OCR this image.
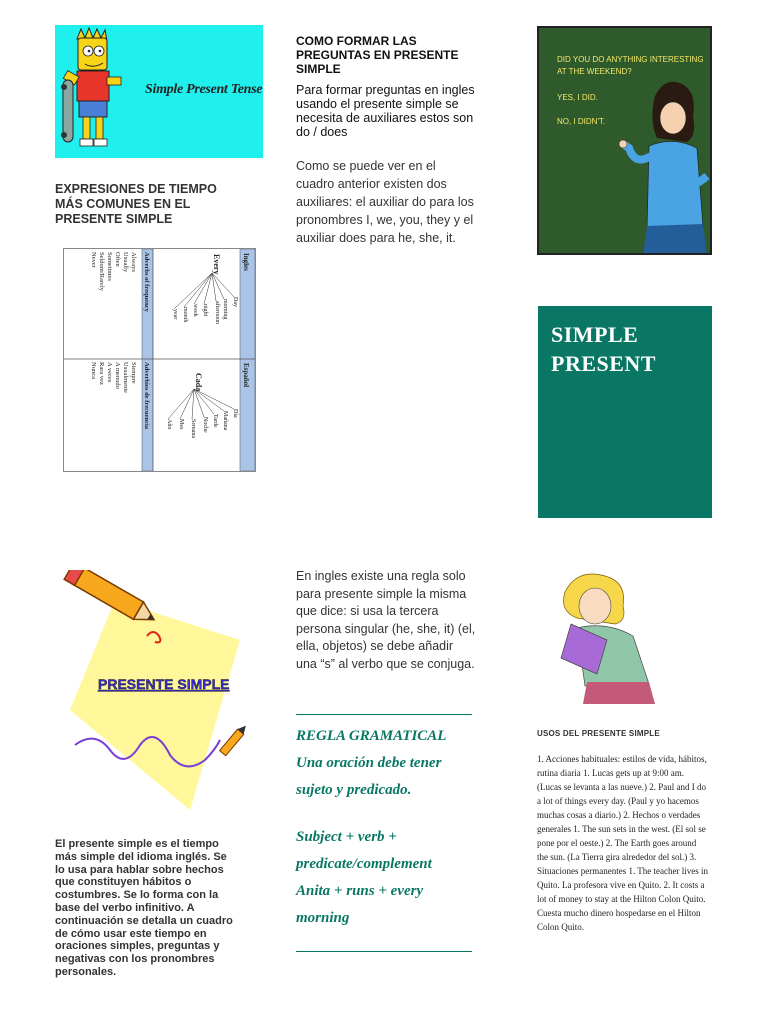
Simple Present Tense
EXPRESIONES DE TIEMPO MÁS COMUNES EN EL PRESENTE SIMPLE
Ingles
Español
Adverbs of frequency
Adverbios de frecuencia
Every
Day
morning
afternoon
night
week
month
year
Cada
Día
Mañana
Tarde
Noche
Semana
Mes
Año
Always
Usually
Often
Sometimes
Seldom/Rarely
Never
Siempre
Usualmente
A menudo
A veces
Rara vez
Nunca
COMO FORMAR LAS PREGUNTAS EN PRESENTE SIMPLE
Para formar preguntas en ingles usando el presente simple se necesita de auxiliares estos son do / does
Como se puede ver en el cuadro anterior existen dos auxiliares: el auxiliar do para los pronombres I, we, you, they y el auxiliar does para he, she, it.
DID YOU DO ANYTHING INTERESTING
AT THE WEEKEND?
YES, I DID.
NO, I DIDN'T.
SIMPLE
PRESENT
PRESENTE SIMPLE
El presente simple es el tiempo más simple del idioma inglés. Se lo usa para hablar sobre hechos que constituyen hábitos o costumbres. Se lo forma con la base del verbo infinitivo. A continuación se detalla un cuadro de cómo usar este tiempo en oraciones simples, preguntas y negativas con los pronombres personales.
En ingles existe una regla solo para presente simple la misma que dice: si usa la tercera persona singular (he, she, it) (el, ella, objetos) se debe añadir una “s” al verbo que se conjuga.
REGLA GRAMATICAL
Una oración debe tener
sujeto y predicado.
Subject + verb +
predicate/complement
Anita + runs + every
morning
USOS DEL PRESENTE SIMPLE
1. Acciones habituales: estilos de vida, hábitos, rutina diaria 1. Lucas gets up at 9:00 am. (Lucas se levanta a las nueve.) 2. Paul and I do a lot of things every day. (Paul y yo hacemos muchas cosas a diario.) 2. Hechos o verdades generales 1. The sun sets in the west. (El sol se pone por el oeste.) 2. The Earth goes around the sun. (La Tierra gira alrededor del sol.) 3. Situaciones permanentes 1. The teacher lives in Quito. La profesora vive en Quito. 2. It costs a lot of money to stay at the Hilton Colon Quito. Cuesta mucho dinero hospedarse en el Hilton Colon Quito.
